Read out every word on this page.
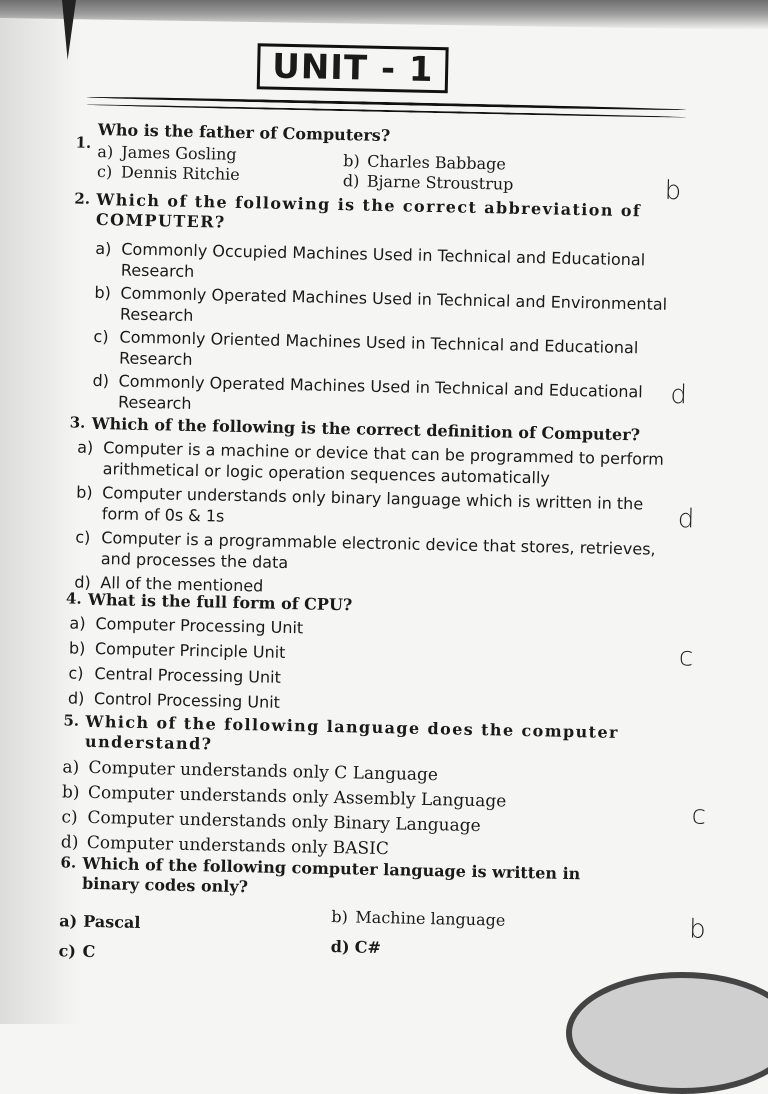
UNIT - 1
1. Who is the father of Computers?
a) James Gosling	b) Charles Babbage
c) Dennis Ritchie	d) Bjarne Stroustrup	b
2. Which of the following is the correct abbreviation of COMPUTER?
a) Commonly Occupied Machines Used in Technical and Educational Research
b) Commonly Operated Machines Used in Technical and Environmental Research
c) Commonly Oriented Machines Used in Technical and Educational Research
d) Commonly Operated Machines Used in Technical and Educational Research	d
3. Which of the following is the correct definition of Computer?
a) Computer is a machine or device that can be programmed to perform arithmetical or logic operation sequences automatically
b) Computer understands only binary language which is written in the form of 0s & 1s
c) Computer is a programmable electronic device that stores, retrieves, and processes the data
d) All of the mentioned
d
4. What is the full form of CPU?
a) Computer Processing Unit
b) Computer Principle Unit
c) Central Processing Unit
d) Control Processing Unit
c
5. Which of the following language does the computer understand?
a) Computer understands only C Language
b) Computer understands only Assembly Language
c) Computer understands only Binary Language
d) Computer understands only BASIC
c
6. Which of the following computer language is written in binary codes only?
a) Pascal	b) Machine language
c) C	d) C#
b
